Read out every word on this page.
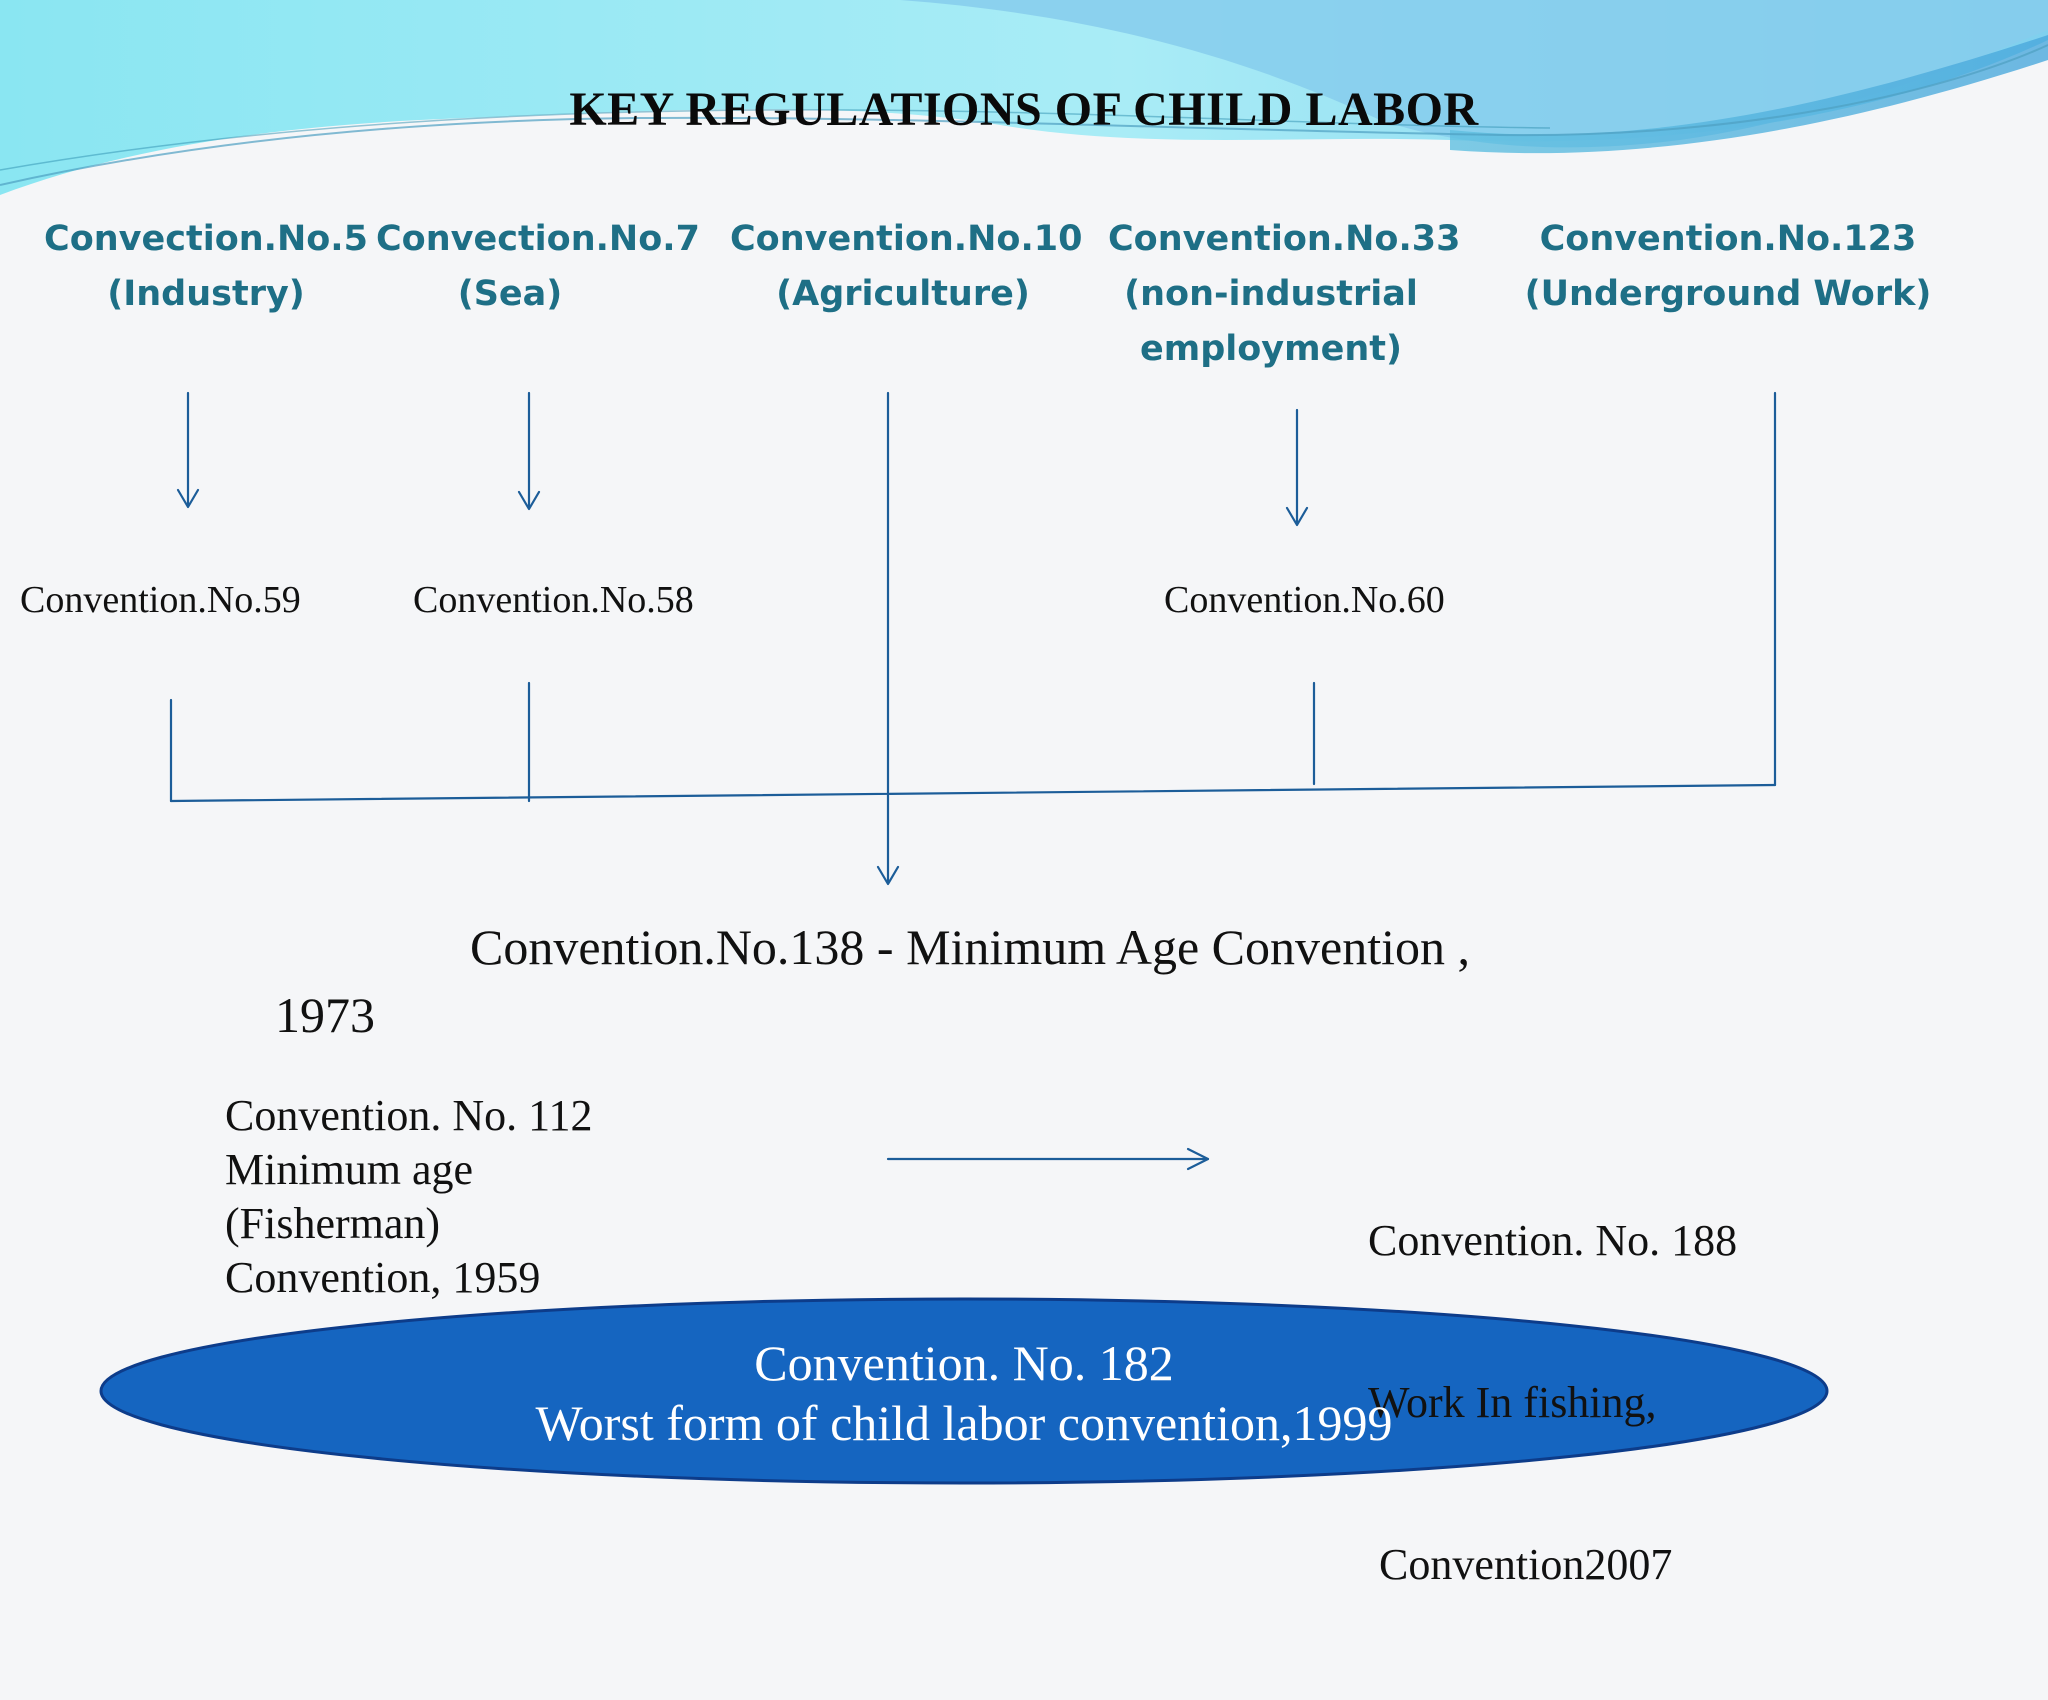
KEY REGULATIONS OF CHILD LABOR
Convection.No.5
(Industry)
Convection.No.7
(Sea)
Convention.No.10
(Agriculture)
Convention.No.33
(non-industrial
employment)
Convention.No.123
(Underground Work)
Convention.No.59	Convention.No.58	Convention.No.60
Convention.No.138 - Minimum Age Convention ,
1973
Convention. No. 112
Minimum age
(Fisherman)
Convention, 1959

Convention. No. 188

Work In fishing,

Convention2007

Convention. No. 182
Worst form of child labor convention,1999
